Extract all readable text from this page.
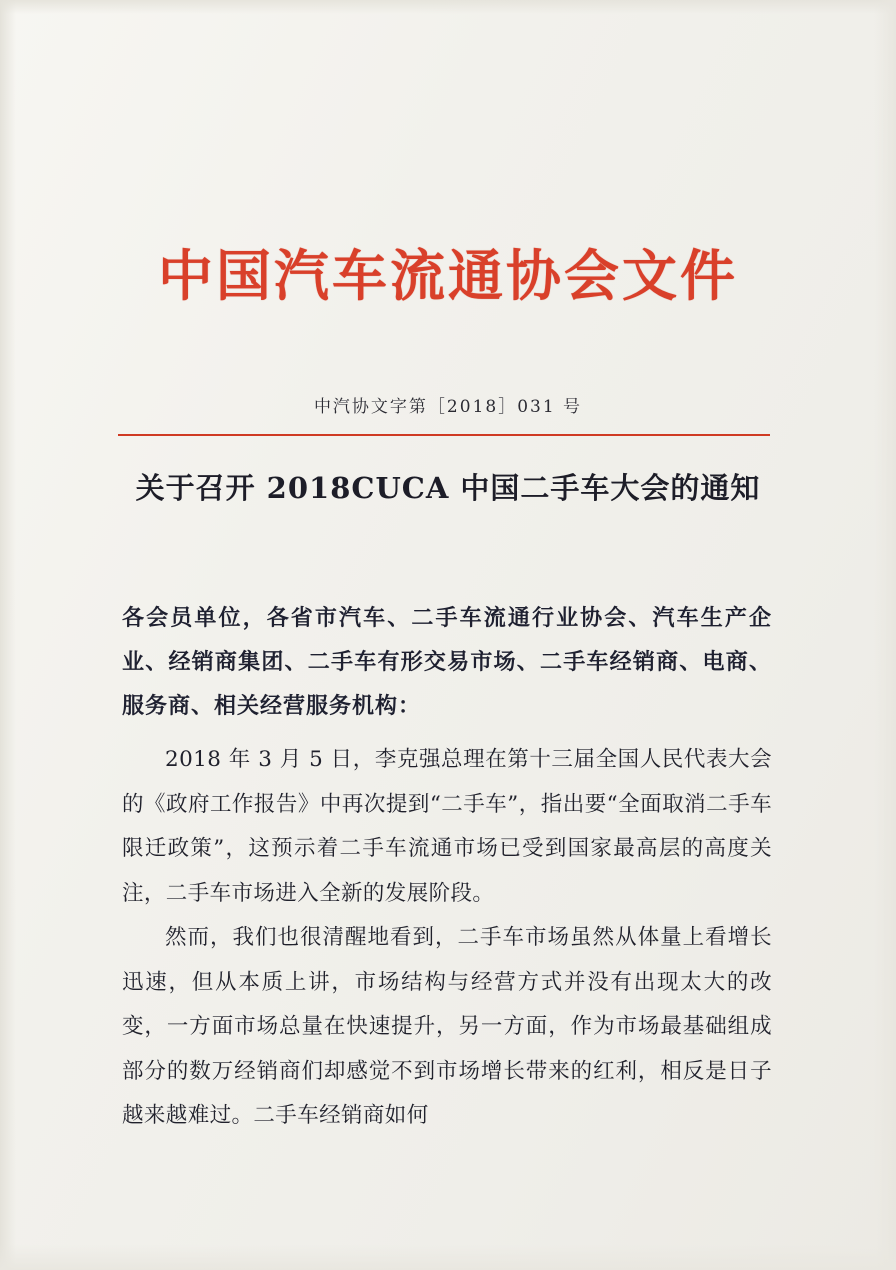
中国汽车流通协会文件
中汽协文字第［2018］031 号
关于召开 2018CUCA 中国二手车大会的通知
各会员单位，各省市汽车、二手车流通行业协会、汽车生产企业、经销商集团、二手车有形交易市场、二手车经销商、电商、服务商、相关经营服务机构：

2018 年 3 月 5 日，李克强总理在第十三届全国人民代表大会的《政府工作报告》中再次提到“二手车”，指出要“全面取消二手车限迁政策”，这预示着二手车流通市场已受到国家最高层的高度关注，二手车市场进入全新的发展阶段。

然而，我们也很清醒地看到，二手车市场虽然从体量上看增长迅速，但从本质上讲，市场结构与经营方式并没有出现太大的改变，一方面市场总量在快速提升，另一方面，作为市场最基础组成部分的数万经销商们却感觉不到市场增长带来的红利，相反是日子越来越难过。二手车经销商如何
